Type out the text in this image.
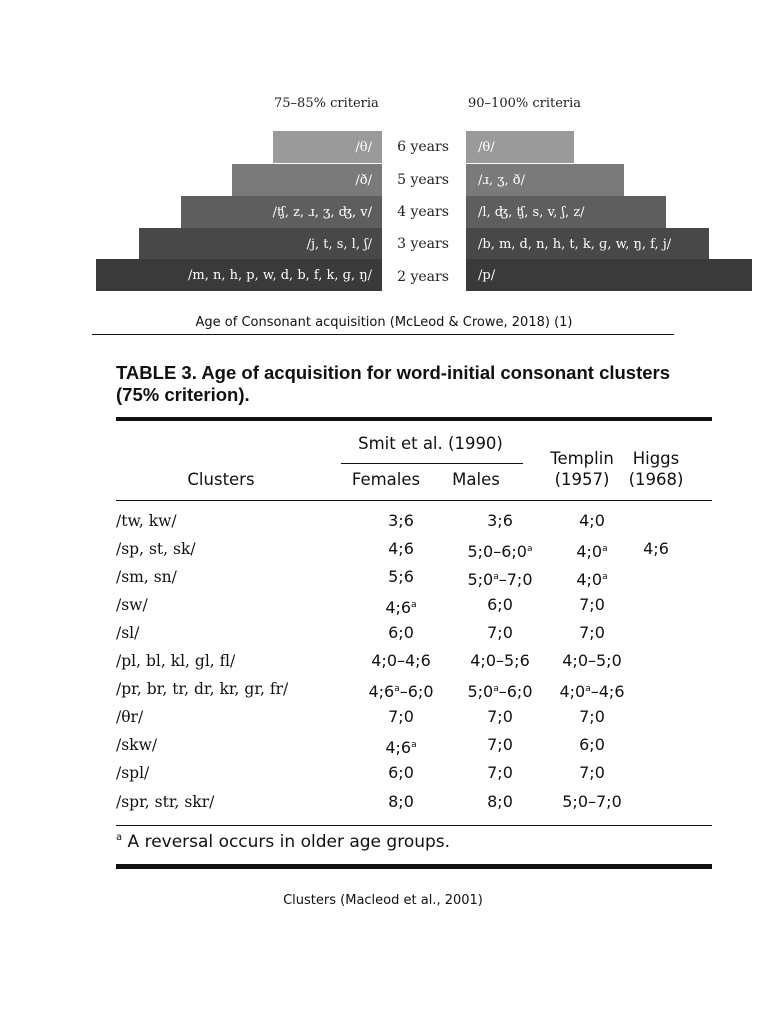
75–85% criteria	90–100% criteria
/θ/	6 years	/θ/
/ð/	5 years	/ɹ, ʒ, ð/
/ʧ, z, ɹ, ʒ, ʤ, v/	4 years	/l, ʤ, ʧ, s, v, ʃ, z/
/j, t, s, l, ʃ/	3 years	/b, m, d, n, h, t, k, ɡ, w, ŋ, f, j/
/m, n, h, p, w, d, b, f, k, ɡ, ŋ/	2 years	/p/
Age of Consonant acquisition (McLeod & Crowe, 2018) (1)
TABLE 3. Age of acquisition for word-initial consonant clusters (75% criterion).
Smit et al. (1990)
Clusters	Females	Males
Templin
(1957)
Higgs
(1968)
/tw, kw/	3;6	3;6	4;0
/sp, st, sk/	4;6	5;0–6;0$^a$	4;0$^a$	4;6
/sm, sn/	5;6	5;0$^a$–7;0	4;0$^a$
/sw/	4;6$^a$	6;0	7;0
/sl/	6;0	7;0	7;0
/pl, bl, kl, gl, fl/	4;0–4;6	4;0–5;6	4;0–5;0
/pr, br, tr, dr, kr, gr, fr/	4;6$^a$–6;0	5;0$^a$–6;0	4;0$^a$–4;6
/θr/	7;0	7;0	7;0
/skw/	4;6$^a$	7;0	6;0
/spl/	6;0	7;0	7;0
/spr, str, skr/	8;0	8;0	5;0–7;0
$^a$ A reversal occurs in older age groups.
Clusters (Macleod et al., 2001)
